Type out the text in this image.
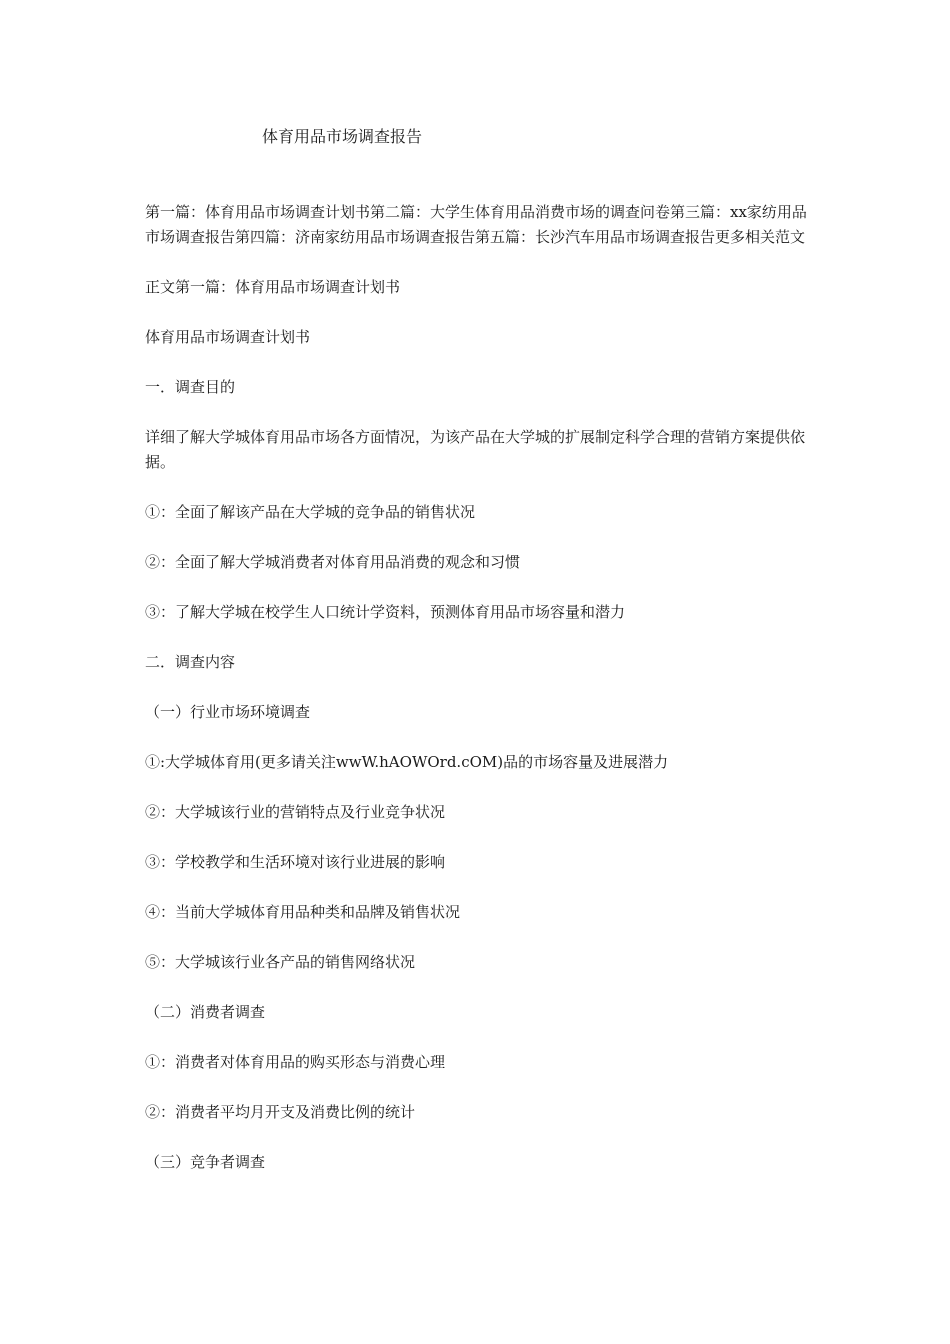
体育用品市场调查报告

第一篇：体育用品市场调查计划书第二篇：大学生体育用品消费市场的调查问卷第三篇：xx家纺用品市场调查报告第四篇：济南家纺用品市场调查报告第五篇：长沙汽车用品市场调查报告更多相关范文

正文第一篇：体育用品市场调查计划书

体育用品市场调查计划书

一．调查目的

详细了解大学城体育用品市场各方面情况，为该产品在大学城的扩展制定科学合理的营销方案提供依据。

①：全面了解该产品在大学城的竞争品的销售状况

②：全面了解大学城消费者对体育用品消费的观念和习惯

③：了解大学城在校学生人口统计学资料，预测体育用品市场容量和潜力

二．调查内容

（一）行业市场环境调查

①:大学城体育用(更多请关注wwW.hAOWOrd.cOM)品的市场容量及进展潜力

②：大学城该行业的营销特点及行业竞争状况

③：学校教学和生活环境对该行业进展的影响

④：当前大学城体育用品种类和品牌及销售状况

⑤：大学城该行业各产品的销售网络状况

（二）消费者调查

①：消费者对体育用品的购买形态与消费心理

②：消费者平均月开支及消费比例的统计

（三）竞争者调查
